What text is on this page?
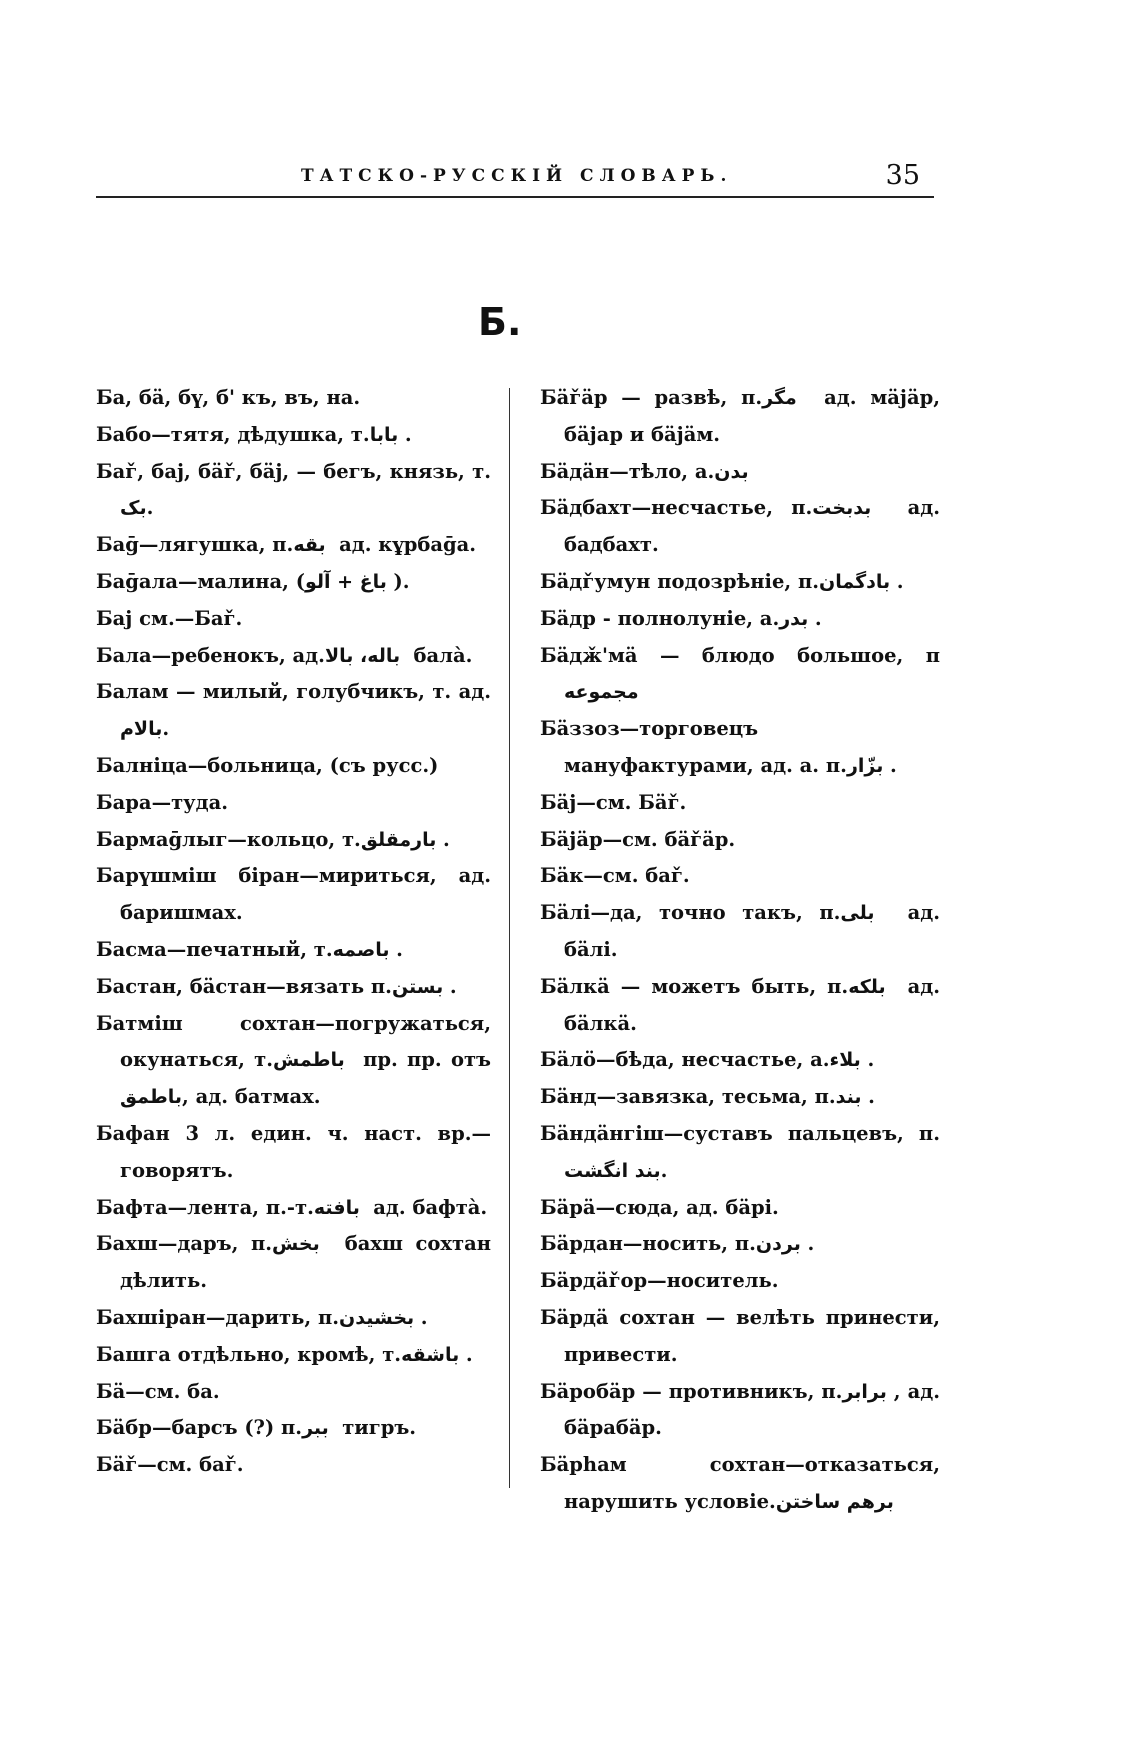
ТАТСКО-РУССКІЙ СЛОВАРЬ.	35
Б.
Ба, бä, бү, б' къ, въ, на.
Бабо—тятя, дѣдушка, т. بابا.
Баг̌, бaj, бäг̌, бäj, — бегъ, князь, т. بک.
Баḡ—лягушка, п. بقه ад. кұрбаḡа.
Баḡала—малина, ( باغ + آلو).
Баj см.—Баг̌.
Бала—ребенокъ, ад. باله، بالا балà.
Балам — милый, голубчикъ, т. ад. بالام.
Балніца—больница, (съ русс.)
Бара—туда.
Бармаḡлыг—кольцо, т. بارمقلق.
Барүшміш біран—мириться, ад. баришмах.
Басма—печатный, т. باصمه.
Бастан, бäстан—вязать п. بستن.
Батміш сохтан—погружаться, окунаться, т. باطمش пр. пр. отъ باطمق, ад. батмах.
Бафан 3 л. един. ч. наст. вр.—говорятъ.
Бафта—лента, п.-т. بافته ад. бафтà.
Бахш—даръ, п. بخش бахш сохтан дѣлить.
Бахшіран—дарить, п. بخشيدن.
Башга отдѣльно, кромѣ, т. باشقه.
Бä—см. ба.
Бäбр—барсъ (?) п. ببر тигръ.
Бäг̌—см. баг̌.
Бäг̌äр — развѣ, п. مگر ад. мäjäр, бäjар и бäjäм.
Бäдäн—тѣло, а. بدن
Бäдбахт—несчастье, п. بدبخت ад. бадбахт.
Бäдг̌умун подозрѣніе, п. بادگمان.
Бäдр - полнолуніе, а. بدر.
Бäдж̌'мä — блюдо большое, п مجموعه
Бäззоз—торговецъ мануфактурами, ад. а. п. بزّار.
Бäj—см. Бäг̌.
Бäjäр—см. бäг̌äр.
Бäк—см. баг̌.
Бäлі—да, точно такъ, п. بلی ад. бäлі.
Бäлкä — можетъ быть, п. بلکه ад. бäлкä.
Бäлö—бѣда, несчастье, а. بلاء.
Бäнд—завязка, тесьма, п. بند.
Бäндäнгіш—суставъ пальцевъ, п. بند انگشت.
Бäрä—сюда, ад. бäрі.
Бäрдан—носить, п. بردن.
Бäрдäг̌ор—носитель.
Бäрдä сохтан — велѣть принести, привести.
Бäробäр — противникъ, п. برابر, ад. бäрабäр.
Бäрhам сохтан—отказаться, нарушить условіе. برهم ساختن
